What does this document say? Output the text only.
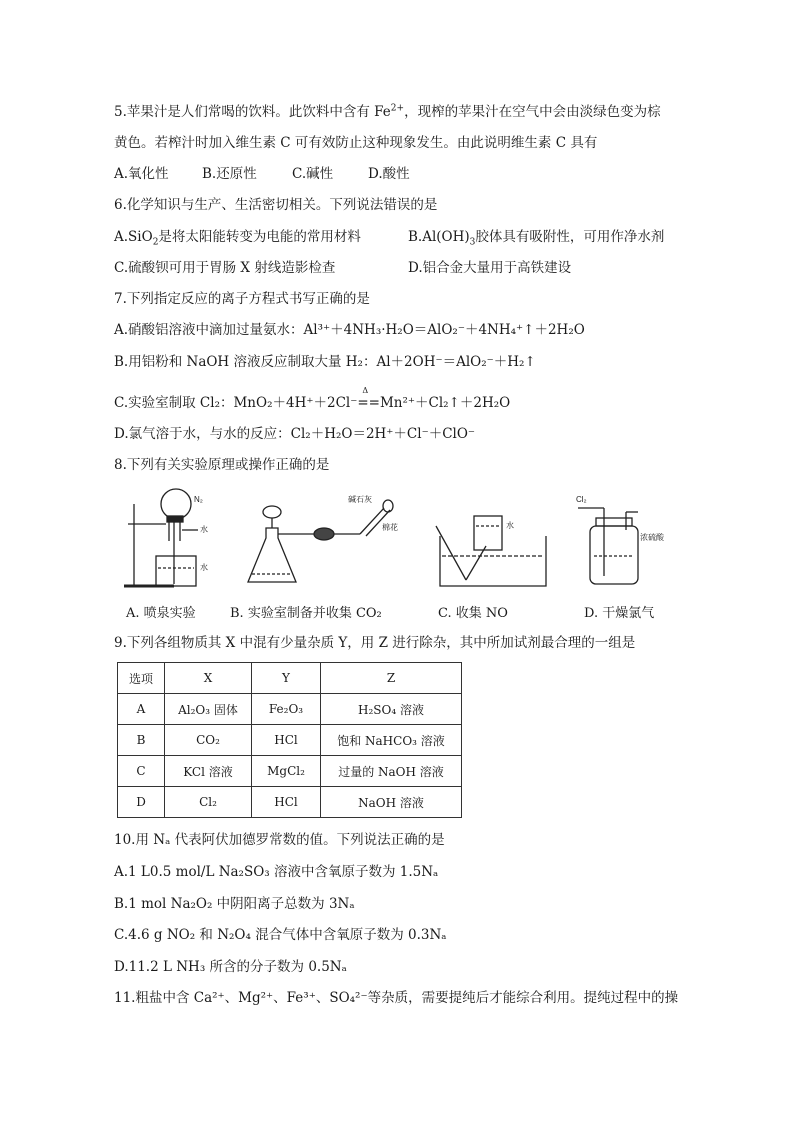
5.苹果汁是人们常喝的饮料。此饮料中含有 $Fe^{2+}$，现榨的苹果汁在空气中会由淡绿色变为棕
黄色。若榨汁时加入维生素 C 可有效防止这种现象发生。由此说明维生素 C 具有
A.氧化性 B.还原性	C.碱性	D.酸性
6.化学知识与生产、生活密切相关。下列说法错误的是
A.SiO$_2$是将太阳能转变为电能的常用材料	$B.Al(OH)_3$胶体具有吸附性，可用作净水剂
C.硫酸钡可用于胃肠 X 射线造影检查	D.铝合金大量用于高铁建设
7.下列指定反应的离子方程式书写正确的是
A.硝酸铝溶液中滴加过量氨水：Al³⁺＋4NH₃·H₂O＝AlO₂⁻＋4NH₄⁺↑＋2H₂O
B.用铝粉和 NaOH 溶液反应制取大量 H₂：Al＋2OH⁻＝AlO₂⁻＋H₂↑
C.实验室制取 Cl₂：MnO₂＋4H⁺＋2Cl⁻
Δ
==Mn²⁺＋Cl₂↑＋2H₂O
D.氯气溶于水，与水的反应：Cl₂＋H₂O＝2H⁺＋Cl⁻＋ClO⁻
8.下列有关实验原理或操作正确的是
N₂
水
水
碱石灰
棉花	水
Cl₂
浓硫酸
A. 喷泉实验	B. 实验室制备并收集 CO₂	C. 收集 NO	D. 干燥氯气
9.下列各组物质其 X 中混有少量杂质 Y，用 Z 进行除杂，其中所加试剂最合理的一组是
选项	X	Y	Z
A	Al₂O₃ 固体	Fe₂O₃	H₂SO₄ 溶液
B	CO₂	HCl	饱和 NaHCO₃ 溶液
C	KCl 溶液	MgCl₂	过量的 NaOH 溶液
D	Cl₂	HCl	NaOH 溶液
10.用 Nₐ 代表阿伏加德罗常数的值。下列说法正确的是
A.1 L0.5 mol/L Na₂SO₃ 溶液中含氧原子数为 1.5Nₐ
B.1 mol Na₂O₂ 中阴阳离子总数为 3Nₐ
C.4.6 g NO₂ 和 N₂O₄ 混合气体中含氧原子数为 0.3Nₐ
D.11.2 L NH₃ 所含的分子数为 0.5Nₐ
11.粗盐中含 Ca²⁺、Mg²⁺、Fe³⁺、SO₄²⁻等杂质，需要提纯后才能综合利用。提纯过程中的操
